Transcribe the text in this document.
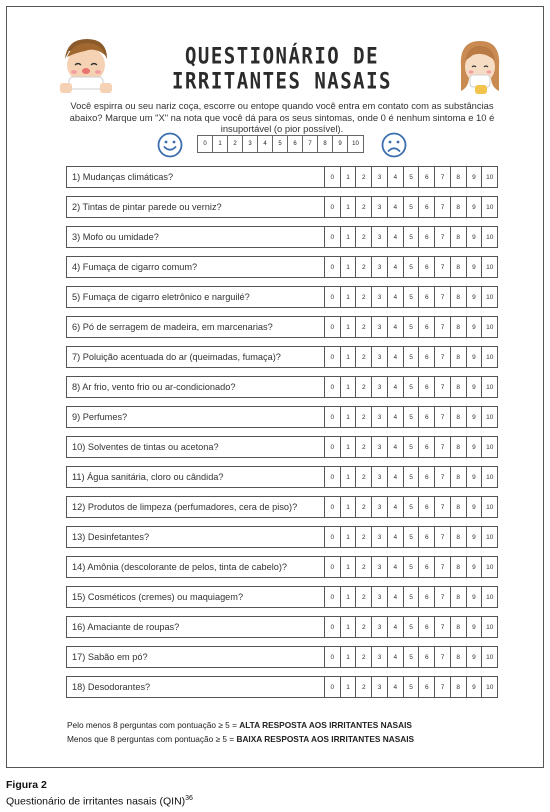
QUESTIONÁRIO DE IRRITANTES NASAIS
Você espirra ou seu nariz coça, escorre ou entope quando você entra em contato com as substâncias abaixo? Marque um "X" na nota que você dá para os seus sintomas, onde 0 é nenhum sintoma e 10 é insuportável (o pior possível).
0	1	2	3	4	5	6	7	8	9	10
1) Mudanças climáticas?	0	1	2	3	4	5	6	7	8	9	10
2) Tintas de pintar parede ou verniz?	0	1	2	3	4	5	6	7	8	9	10
3) Mofo ou umidade?	0	1	2	3	4	5	6	7	8	9	10
4) Fumaça de cigarro comum?	0	1	2	3	4	5	6	7	8	9	10
5) Fumaça de cigarro eletrônico e narguilé?	0	1	2	3	4	5	6	7	8	9	10
6) Pó de serragem de madeira, em marcenarias?	0	1	2	3	4	5	6	7	8	9	10
7) Poluição acentuada do ar (queimadas, fumaça)?	0	1	2	3	4	5	6	7	8	9	10
8) Ar frio, vento frio ou ar-condicionado?	0	1	2	3	4	5	6	7	8	9	10
9) Perfumes?	0	1	2	3	4	5	6	7	8	9	10
10) Solventes de tintas ou acetona?	0	1	2	3	4	5	6	7	8	9	10
11) Água sanitária, cloro ou cândida?	0	1	2	3	4	5	6	7	8	9	10
12) Produtos de limpeza (perfumadores, cera de piso)?	0	1	2	3	4	5	6	7	8	9	10
13) Desinfetantes?	0	1	2	3	4	5	6	7	8	9	10
14) Amônia (descolorante de pelos, tinta de cabelo)?	0	1	2	3	4	5	6	7	8	9	10
15) Cosméticos (cremes) ou maquiagem?	0	1	2	3	4	5	6	7	8	9	10
16) Amaciante de roupas?	0	1	2	3	4	5	6	7	8	9	10
17) Sabão em pó?	0	1	2	3	4	5	6	7	8	9	10
18) Desodorantes?	0	1	2	3	4	5	6	7	8	9	10
Pelo menos 8 perguntas com pontuação ≥ 5 = ALTA RESPOSTA AOS IRRITANTES NASAIS
Menos que 8 perguntas com pontuação ≥ 5 = BAIXA RESPOSTA AOS IRRITANTES NASAIS
Figura 2
Questionário de irritantes nasais (QIN)$^{36}$
